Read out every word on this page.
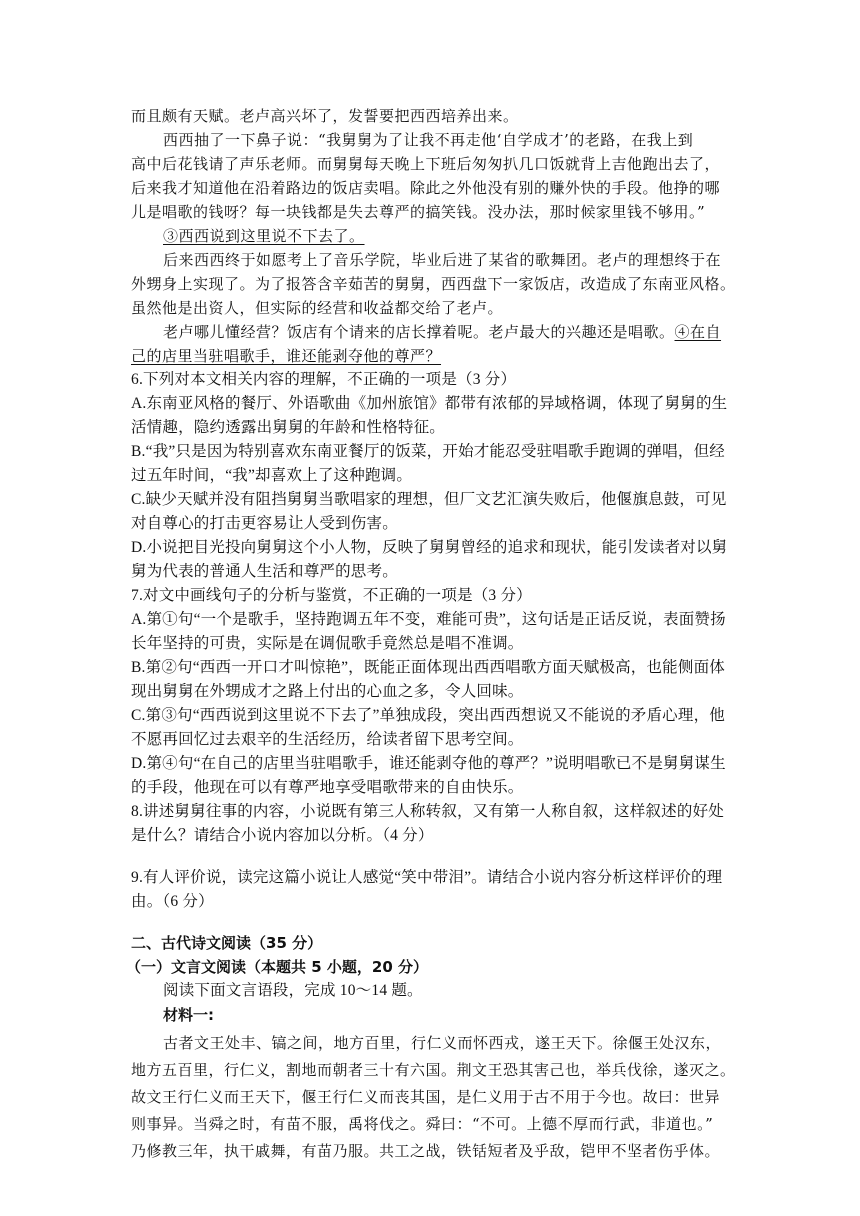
而且颇有天赋。老卢高兴坏了，发誓要把西西培养出来。
西西抽了一下鼻子说：“我舅舅为了让我不再走他‘自学成才’的老路，在我上到
高中后花钱请了声乐老师。而舅舅每天晚上下班后匆匆扒几口饭就背上吉他跑出去了，
后来我才知道他在沿着路边的饭店卖唱。除此之外他没有别的赚外快的手段。他挣的哪
儿是唱歌的钱呀？每一块钱都是失去尊严的搞笑钱。没办法，那时候家里钱不够用。”
③西西说到这里说不下去了。
后来西西终于如愿考上了音乐学院，毕业后进了某省的歌舞团。老卢的理想终于在
外甥身上实现了。为了报答含辛茹苦的舅舅，西西盘下一家饭店，改造成了东南亚风格。
虽然他是出资人，但实际的经营和收益都交给了老卢。
老卢哪儿懂经营？饭店有个请来的店长撑着呢。老卢最大的兴趣还是唱歌。④在自
己的店里当驻唱歌手，谁还能剥夺他的尊严？
6.下列对本文相关内容的理解，不正确的一项是（3 分）
A.东南亚风格的餐厅、外语歌曲《加州旅馆》都带有浓郁的异域格调，体现了舅舅的生
活情趣，隐约透露出舅舅的年龄和性格特征。
B.“我”只是因为特别喜欢东南亚餐厅的饭菜，开始才能忍受驻唱歌手跑调的弹唱，但经
过五年时间，“我”却喜欢上了这种跑调。
C.缺少天赋并没有阻挡舅舅当歌唱家的理想，但厂文艺汇演失败后，他偃旗息鼓，可见
对自尊心的打击更容易让人受到伤害。
D.小说把目光投向舅舅这个小人物，反映了舅舅曾经的追求和现状，能引发读者对以舅
舅为代表的普通人生活和尊严的思考。
7.对文中画线句子的分析与鉴赏，不正确的一项是（3 分）
A.第①句“一个是歌手，坚持跑调五年不变，难能可贵”，这句话是正话反说，表面赞扬
长年坚持的可贵，实际是在调侃歌手竟然总是唱不准调。
B.第②句“西西一开口才叫惊艳”，既能正面体现出西西唱歌方面天赋极高，也能侧面体
现出舅舅在外甥成才之路上付出的心血之多，令人回味。
C.第③句“西西说到这里说不下去了”单独成段，突出西西想说又不能说的矛盾心理，他
不愿再回忆过去艰辛的生活经历，给读者留下思考空间。
D.第④句“在自己的店里当驻唱歌手，谁还能剥夺他的尊严？”说明唱歌已不是舅舅谋生
的手段，他现在可以有尊严地享受唱歌带来的自由快乐。
8.讲述舅舅往事的内容，小说既有第三人称转叙，又有第一人称自叙，这样叙述的好处
是什么？请结合小说内容加以分析。（4 分）
9.有人评价说，读完这篇小说让人感觉“笑中带泪”。请结合小说内容分析这样评价的理
由。（6 分）
二、古代诗文阅读（35 分）
（一）文言文阅读（本题共 5 小题，20 分）
阅读下面文言语段，完成 10～14 题。
材料一:
古者文王处丰、镐之间，地方百里，行仁义而怀西戎，遂王天下。徐偃王处汉东，
地方五百里，行仁义，割地而朝者三十有六国。荆文王恐其害己也，举兵伐徐，遂灭之。
故文王行仁义而王天下，偃王行仁义而丧其国，是仁义用于古不用于今也。故曰：世异
则事异。当舜之时，有苗不服，禹将伐之。舜曰：“不可。上德不厚而行武，非道也。”
乃修教三年，执干戚舞，有苗乃服。共工之战，铁铦短者及乎敌，铠甲不坚者伤乎体。
